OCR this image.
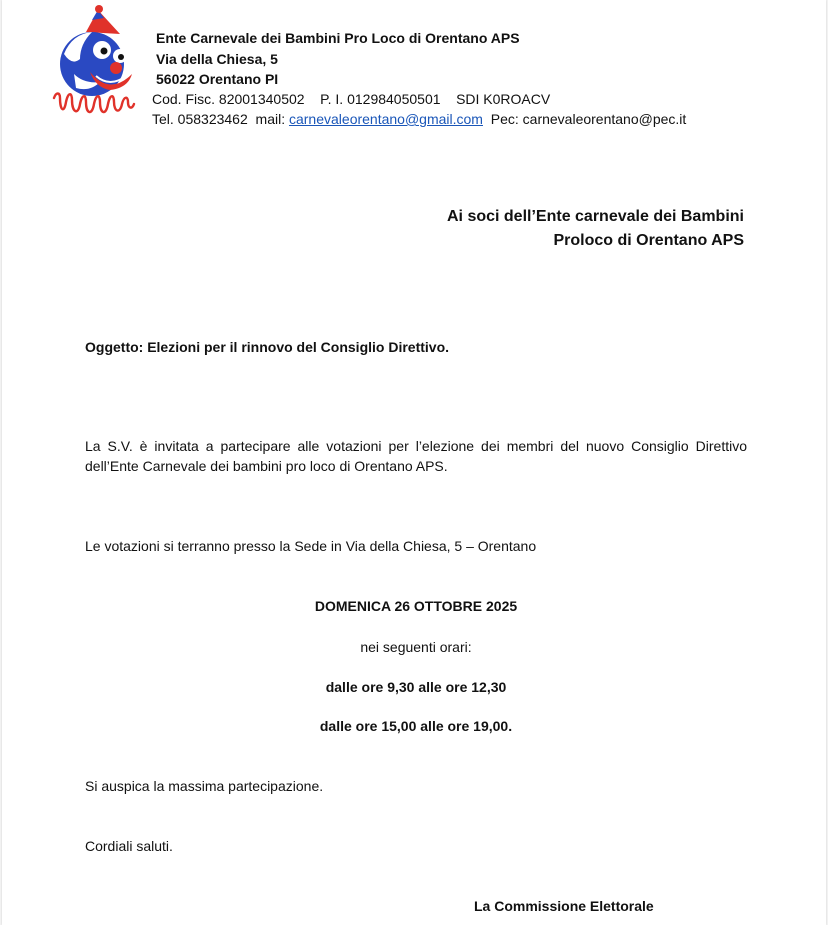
Ente Carnevale dei Bambini Pro Loco di Orentano APS
Via della Chiesa, 5
56022 Orentano PI
Cod. Fisc. 82001340502    P. I. 012984050501    SDI K0ROACV
Tel. 058323462  mail: carnevaleorentano@gmail.com  Pec: carnevaleorentano@pec.it
Ai soci dell’Ente carnevale dei Bambini
Proloco di Orentano APS
Oggetto: Elezioni per il rinnovo del Consiglio Direttivo.
La S.V. è invitata a partecipare alle votazioni per l’elezione dei membri del nuovo Consiglio Direttivo dell’Ente Carnevale dei bambini pro loco di Orentano APS.
Le votazioni si terranno presso la Sede in Via della Chiesa, 5 – Orentano
DOMENICA 26 OTTOBRE 2025
nei seguenti orari:
dalle ore 9,30 alle ore 12,30
dalle ore 15,00 alle ore 19,00.
Si auspica la massima partecipazione.
Cordiali saluti.
La Commissione Elettorale
